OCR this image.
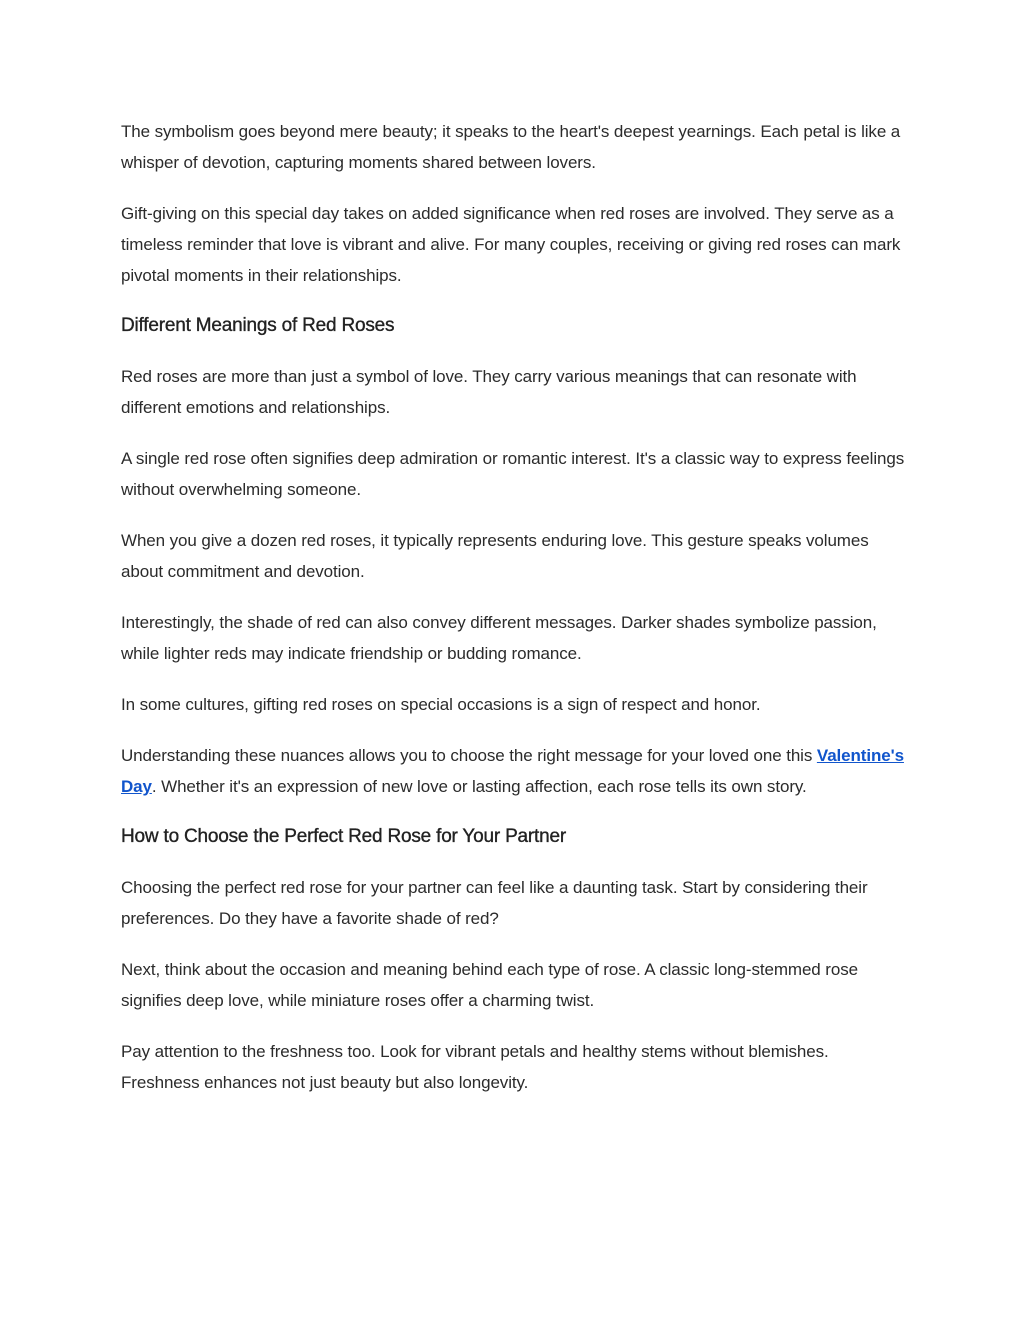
The symbolism goes beyond mere beauty; it speaks to the heart's deepest yearnings. Each petal is like a whisper of devotion, capturing moments shared between lovers.

Gift-giving on this special day takes on added significance when red roses are involved. They serve as a timeless reminder that love is vibrant and alive. For many couples, receiving or giving red roses can mark pivotal moments in their relationships.

Different Meanings of Red Roses

Red roses are more than just a symbol of love. They carry various meanings that can resonate with different emotions and relationships.

A single red rose often signifies deep admiration or romantic interest. It's a classic way to express feelings without overwhelming someone.

When you give a dozen red roses, it typically represents enduring love. This gesture speaks volumes about commitment and devotion.

Interestingly, the shade of red can also convey different messages. Darker shades symbolize passion, while lighter reds may indicate friendship or budding romance.

In some cultures, gifting red roses on special occasions is a sign of respect and honor.

Understanding these nuances allows you to choose the right message for your loved one this Valentine's Day. Whether it's an expression of new love or lasting affection, each rose tells its own story.

How to Choose the Perfect Red Rose for Your Partner

Choosing the perfect red rose for your partner can feel like a daunting task. Start by considering their preferences. Do they have a favorite shade of red?

Next, think about the occasion and meaning behind each type of rose. A classic long-stemmed rose signifies deep love, while miniature roses offer a charming twist.

Pay attention to the freshness too. Look for vibrant petals and healthy stems without blemishes. Freshness enhances not just beauty but also longevity.
